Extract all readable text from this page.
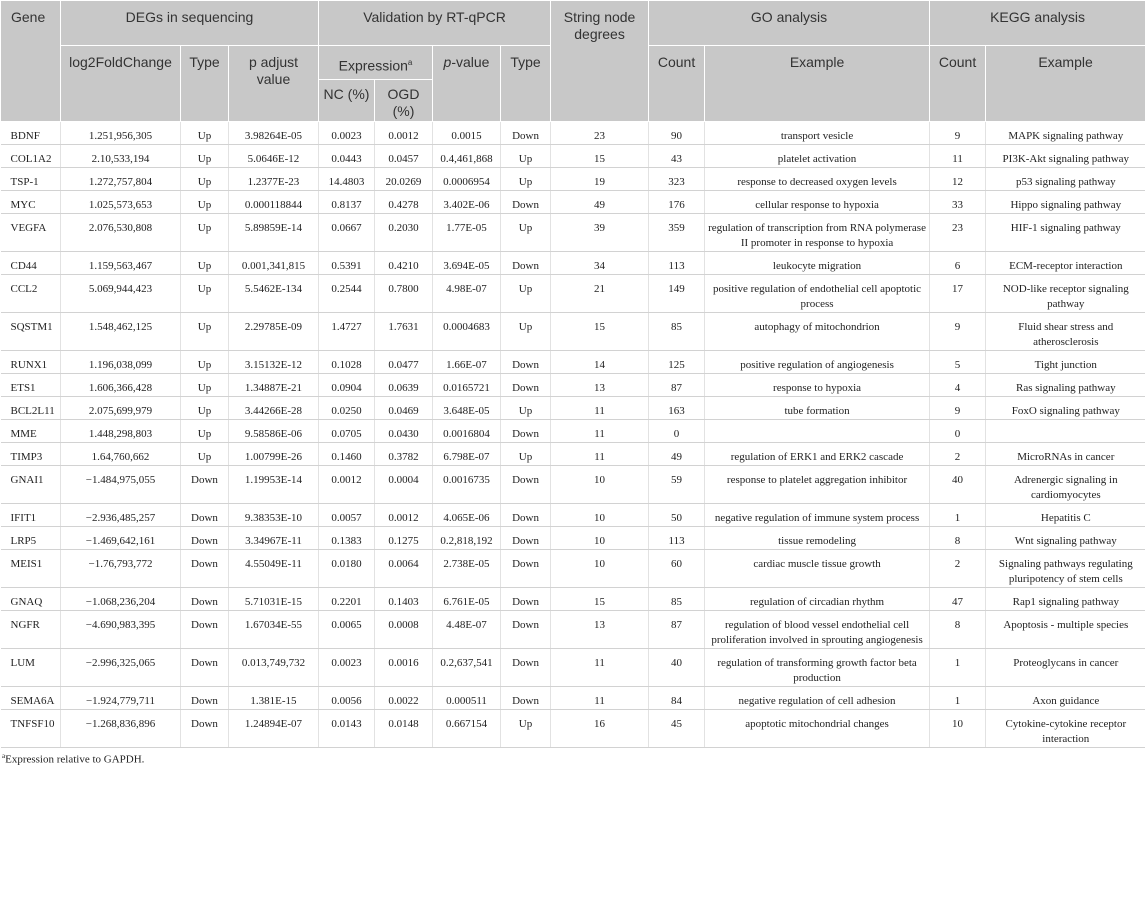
Gene	DEGs in sequencing			Validation by RT-qPCR				String node degrees	GO analysis		KEGG analysis	
	log2FoldChange	Type	p adjust value	Expression$^a$		p-value	Type		Count	Example	Count	Example
				NC (%)	OGD (%)							
BDNF	1.251,956,305	Up	3.98264E-05	0.0023	0.0012	0.0015	Down	23	90	transport vesicle	9	MAPK signaling pathway
COL1A2	2.10,533,194	Up	5.0646E-12	0.0443	0.0457	0.4,461,868	Up	15	43	platelet activation	11	PI3K-Akt signaling pathway
TSP-1	1.272,757,804	Up	1.2377E-23	14.4803	20.0269	0.0006954	Up	19	323	response to decreased oxygen levels	12	p53 signaling pathway
MYC	1.025,573,653	Up	0.000118844	0.8137	0.4278	3.402E-06	Down	49	176	cellular response to hypoxia	33	Hippo signaling pathway
VEGFA	2.076,530,808	Up	5.89859E-14	0.0667	0.2030	1.77E-05	Up	39	359	regulation of transcription from RNA polymerase II promoter in response to hypoxia	23	HIF-1 signaling pathway
CD44	1.159,563,467	Up	0.001,341,815	0.5391	0.4210	3.694E-05	Down	34	113	leukocyte migration	6	ECM-receptor interaction
CCL2	5.069,944,423	Up	5.5462E-134	0.2544	0.7800	4.98E-07	Up	21	149	positive regulation of endothelial cell apoptotic process	17	NOD-like receptor signaling pathway
SQSTM1	1.548,462,125	Up	2.29785E-09	1.4727	1.7631	0.0004683	Up	15	85	autophagy of mitochondrion	9	Fluid shear stress and atherosclerosis
RUNX1	1.196,038,099	Up	3.15132E-12	0.1028	0.0477	1.66E-07	Down	14	125	positive regulation of angiogenesis	5	Tight junction
ETS1	1.606,366,428	Up	1.34887E-21	0.0904	0.0639	0.0165721	Down	13	87	response to hypoxia	4	Ras signaling pathway
BCL2L11	2.075,699,979	Up	3.44266E-28	0.0250	0.0469	3.648E-05	Up	11	163	tube formation	9	FoxO signaling pathway
MME	1.448,298,803	Up	9.58586E-06	0.0705	0.0430	0.0016804	Down	11	0		0	
TIMP3	1.64,760,662	Up	1.00799E-26	0.1460	0.3782	6.798E-07	Up	11	49	regulation of ERK1 and ERK2 cascade	2	MicroRNAs in cancer
GNAI1	−1.484,975,055	Down	1.19953E-14	0.0012	0.0004	0.0016735	Down	10	59	response to platelet aggregation inhibitor	40	Adrenergic signaling in cardiomyocytes
IFIT1	−2.936,485,257	Down	9.38353E-10	0.0057	0.0012	4.065E-06	Down	10	50	negative regulation of immune system process	1	Hepatitis C
LRP5	−1.469,642,161	Down	3.34967E-11	0.1383	0.1275	0.2,818,192	Down	10	113	tissue remodeling	8	Wnt signaling pathway
MEIS1	−1.76,793,772	Down	4.55049E-11	0.0180	0.0064	2.738E-05	Down	10	60	cardiac muscle tissue growth	2	Signaling pathways regulating pluripotency of stem cells
GNAQ	−1.068,236,204	Down	5.71031E-15	0.2201	0.1403	6.761E-05	Down	15	85	regulation of circadian rhythm	47	Rap1 signaling pathway
NGFR	−4.690,983,395	Down	1.67034E-55	0.0065	0.0008	4.48E-07	Down	13	87	regulation of blood vessel endothelial cell proliferation involved in sprouting angiogenesis	8	Apoptosis - multiple species
LUM	−2.996,325,065	Down	0.013,749,732	0.0023	0.0016	0.2,637,541	Down	11	40	regulation of transforming growth factor beta production	1	Proteoglycans in cancer
SEMA6A	−1.924,779,711	Down	1.381E-15	0.0056	0.0022	0.000511	Down	11	84	negative regulation of cell adhesion	1	Axon guidance
TNFSF10	−1.268,836,896	Down	1.24894E-07	0.0143	0.0148	0.667154	Up	16	45	apoptotic mitochondrial changes	10	Cytokine-cytokine receptor interaction

$^a$Expression relative to GAPDH.
